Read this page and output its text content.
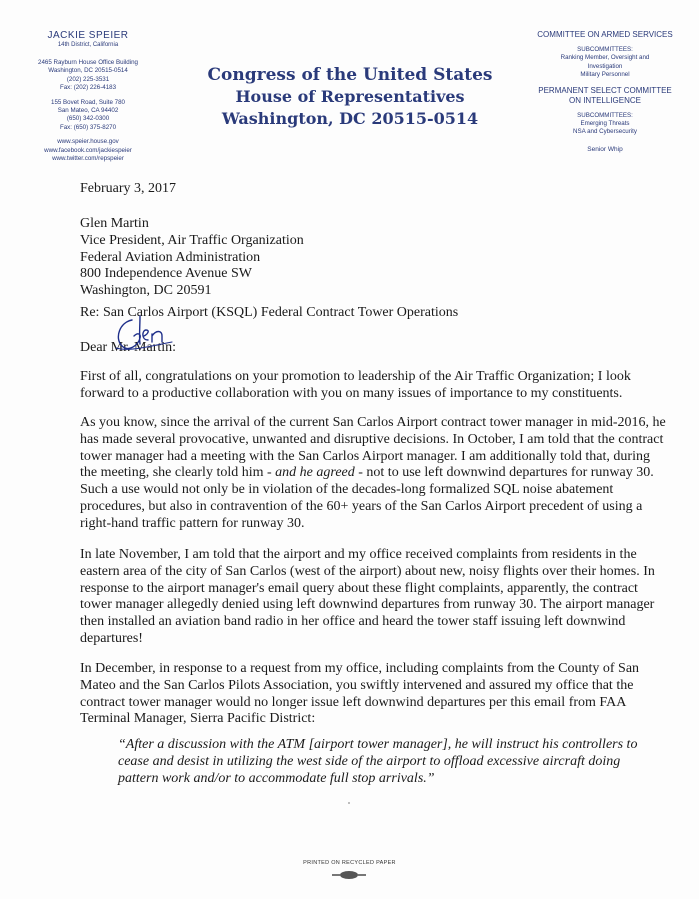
JACKIE SPEIER
14th District, California
2465 Rayburn House Office Building
Washington, DC 20515-0514
(202) 225-3531
Fax: (202) 226-4183
155 Bovet Road, Suite 780
San Mateo, CA 94402
(650) 342-0300
Fax: (650) 375-8270
www.speier.house.gov
www.facebook.com/jackiespeier
www.twitter.com/repspeier
Congress of the United States
House of Representatives
Washington, DC 20515-0514
COMMITTEE ON ARMED SERVICES
SUBCOMMITTEES:
Ranking Member, Oversight and
Investigation
Military Personnel
PERMANENT SELECT COMMITTEE
ON INTELLIGENCE
SUBCOMMITTEES:
Emerging Threats
NSA and Cybersecurity
Senior Whip
February 3, 2017
Glen Martin
Vice President, Air Traffic Organization
Federal Aviation Administration
800 Independence Avenue SW
Washington, DC 20591
Re: San Carlos Airport (KSQL) Federal Contract Tower Operations
Dear Mr. Martin:
First of all, congratulations on your promotion to leadership of the Air Traffic Organization; I look forward to a productive collaboration with you on many issues of importance to my constituents.
As you know, since the arrival of the current San Carlos Airport contract tower manager in mid-2016, he has made several provocative, unwanted and disruptive decisions. In October, I am told that the contract tower manager had a meeting with the San Carlos Airport manager. I am additionally told that, during the meeting, she clearly told him - and he agreed - not to use left downwind departures for runway 30. Such a use would not only be in violation of the decades-long formalized SQL noise abatement procedures, but also in contravention of the 60+ years of the San Carlos Airport precedent of using a right-hand traffic pattern for runway 30.
In late November, I am told that the airport and my office received complaints from residents in the eastern area of the city of San Carlos (west of the airport) about new, noisy flights over their homes. In response to the airport manager's email query about these flight complaints, apparently, the contract tower manager allegedly denied using left downwind departures from runway 30. The airport manager then installed an aviation band radio in her office and heard the tower staff issuing left downwind departures!
In December, in response to a request from my office, including complaints from the County of San Mateo and the San Carlos Pilots Association, you swiftly intervened and assured my office that the contract tower manager would no longer issue left downwind departures per this email from FAA Terminal Manager, Sierra Pacific District:
“After a discussion with the ATM [airport tower manager], he will instruct his controllers to cease and desist in utilizing the west side of the airport to offload excessive aircraft doing pattern work and/or to accommodate full stop arrivals.”
PRINTED ON RECYCLED PAPER
